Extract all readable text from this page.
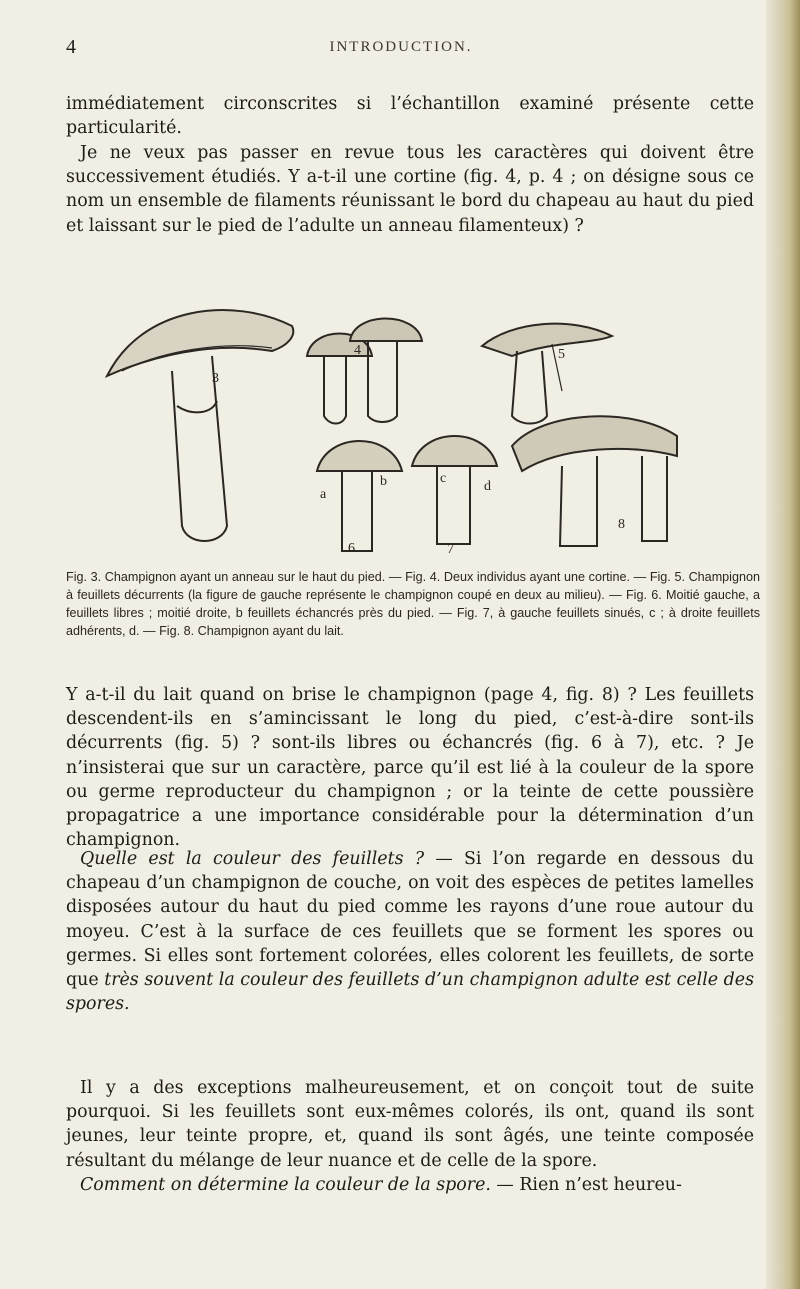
4	INTRODUCTION.

immédiatement circonscrites si l’échantillon examiné présente cette particularité.

Je ne veux pas passer en revue tous les caractères qui doivent être successivement étudiés. Y a-t-il une cortine (fig. 4, p. 4 ; on désigne sous ce nom un ensemble de filaments réunissant le bord du chapeau au haut du pied et laissant sur le pied de l’adulte un anneau filamenteux) ?

3
4	5
6	7
8
a
b	c
d

Fig. 3. Champignon ayant un anneau sur le haut du pied. — Fig. 4. Deux individus ayant une cortine. — Fig. 5. Champignon à feuillets décurrents (la figure de gauche représente le champignon coupé en deux au milieu). — Fig. 6. Moitié gauche, a feuillets libres ; moitié droite, b feuillets échancrés près du pied. — Fig. 7, à gauche feuillets sinués, c ; à droite feuillets adhérents, d. — Fig. 8. Champignon ayant du lait.

Y a-t-il du lait quand on brise le champignon (page 4, fig. 8) ? Les feuillets descendent-ils en s’amincissant le long du pied, c’est-à-dire sont-ils décurrents (fig. 5) ? sont-ils libres ou échancrés (fig. 6 à 7), etc. ? Je n’insisterai que sur un caractère, parce qu’il est lié à la couleur de la spore ou germe reproducteur du champignon ; or la teinte de cette poussière propagatrice a une importance considérable pour la détermination d’un champignon.

Quelle est la couleur des feuillets ? — Si l’on regarde en dessous du chapeau d’un champignon de couche, on voit des espèces de petites lamelles disposées autour du haut du pied comme les rayons d’une roue autour du moyeu. C’est à la surface de ces feuillets que se forment les spores ou germes. Si elles sont fortement colorées, elles colorent les feuillets, de sorte que très souvent la couleur des feuillets d’un champignon adulte est celle des spores.

Il y a des exceptions malheureusement, et on conçoit tout de suite pourquoi. Si les feuillets sont eux-mêmes colorés, ils ont, quand ils sont jeunes, leur teinte propre, et, quand ils sont âgés, une teinte composée résultant du mélange de leur nuance et de celle de la spore.

Comment on détermine la couleur de la spore. — Rien n’est heureu-
